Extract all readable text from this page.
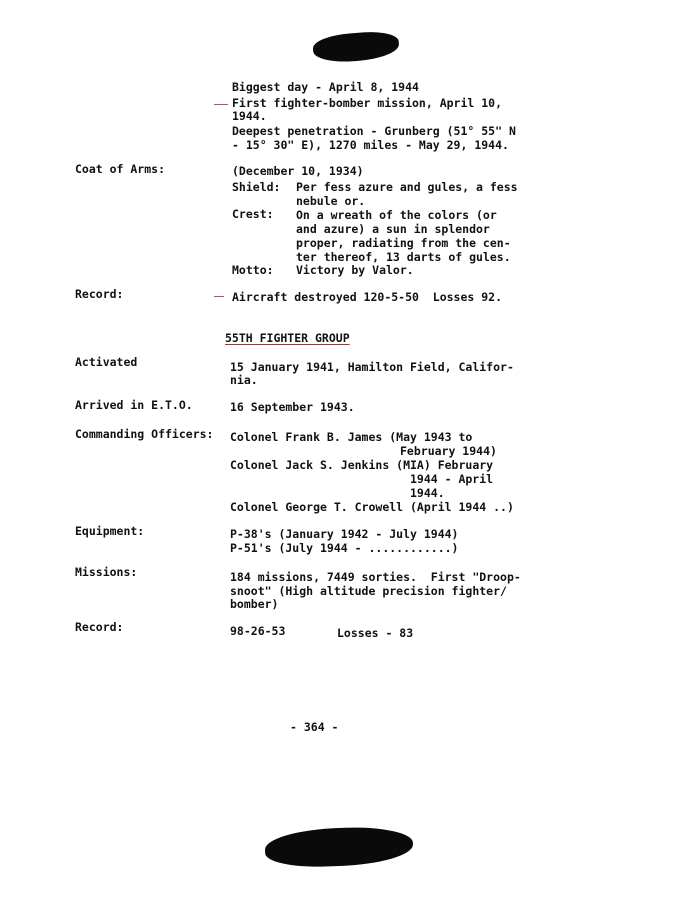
Biggest day - April 8, 1944
First fighter-bomber mission, April 10,
1944.
Deepest penetration - Grunberg (51° 55" N
- 15° 30" E), 1270 miles - May 29, 1944.
Coat of Arms:	(December 10, 1934)
Shield: Per fess azure and gules, a fess
nebule or.
Crest: On a wreath of the colors (or
and azure) a sun in splendor
proper, radiating from the cen-
ter thereof, 13 darts of gules.
Motto: Victory by Valor.
Record:	Aircraft destroyed 120-5-50  Losses 92.
55TH FIGHTER GROUP
Activated	15 January 1941, Hamilton Field, Califor-
nia.
Arrived in E.T.O.	16 September 1943.
Commanding Officers: Colonel Frank B. James (May 1943 to
February 1944)
Colonel Jack S. Jenkins (MIA) February
1944 - April
1944.
Colonel George T. Crowell (April 1944 ..)
Equipment:	P-38's (January 1942 - July 1944)
P-51's (July 1944 - ............)
Missions:	184 missions, 7449 sorties.  First "Droop-
snoot" (High altitude precision fighter/
bomber)
Record:	98-26-53	Losses - 83
- 364 -
